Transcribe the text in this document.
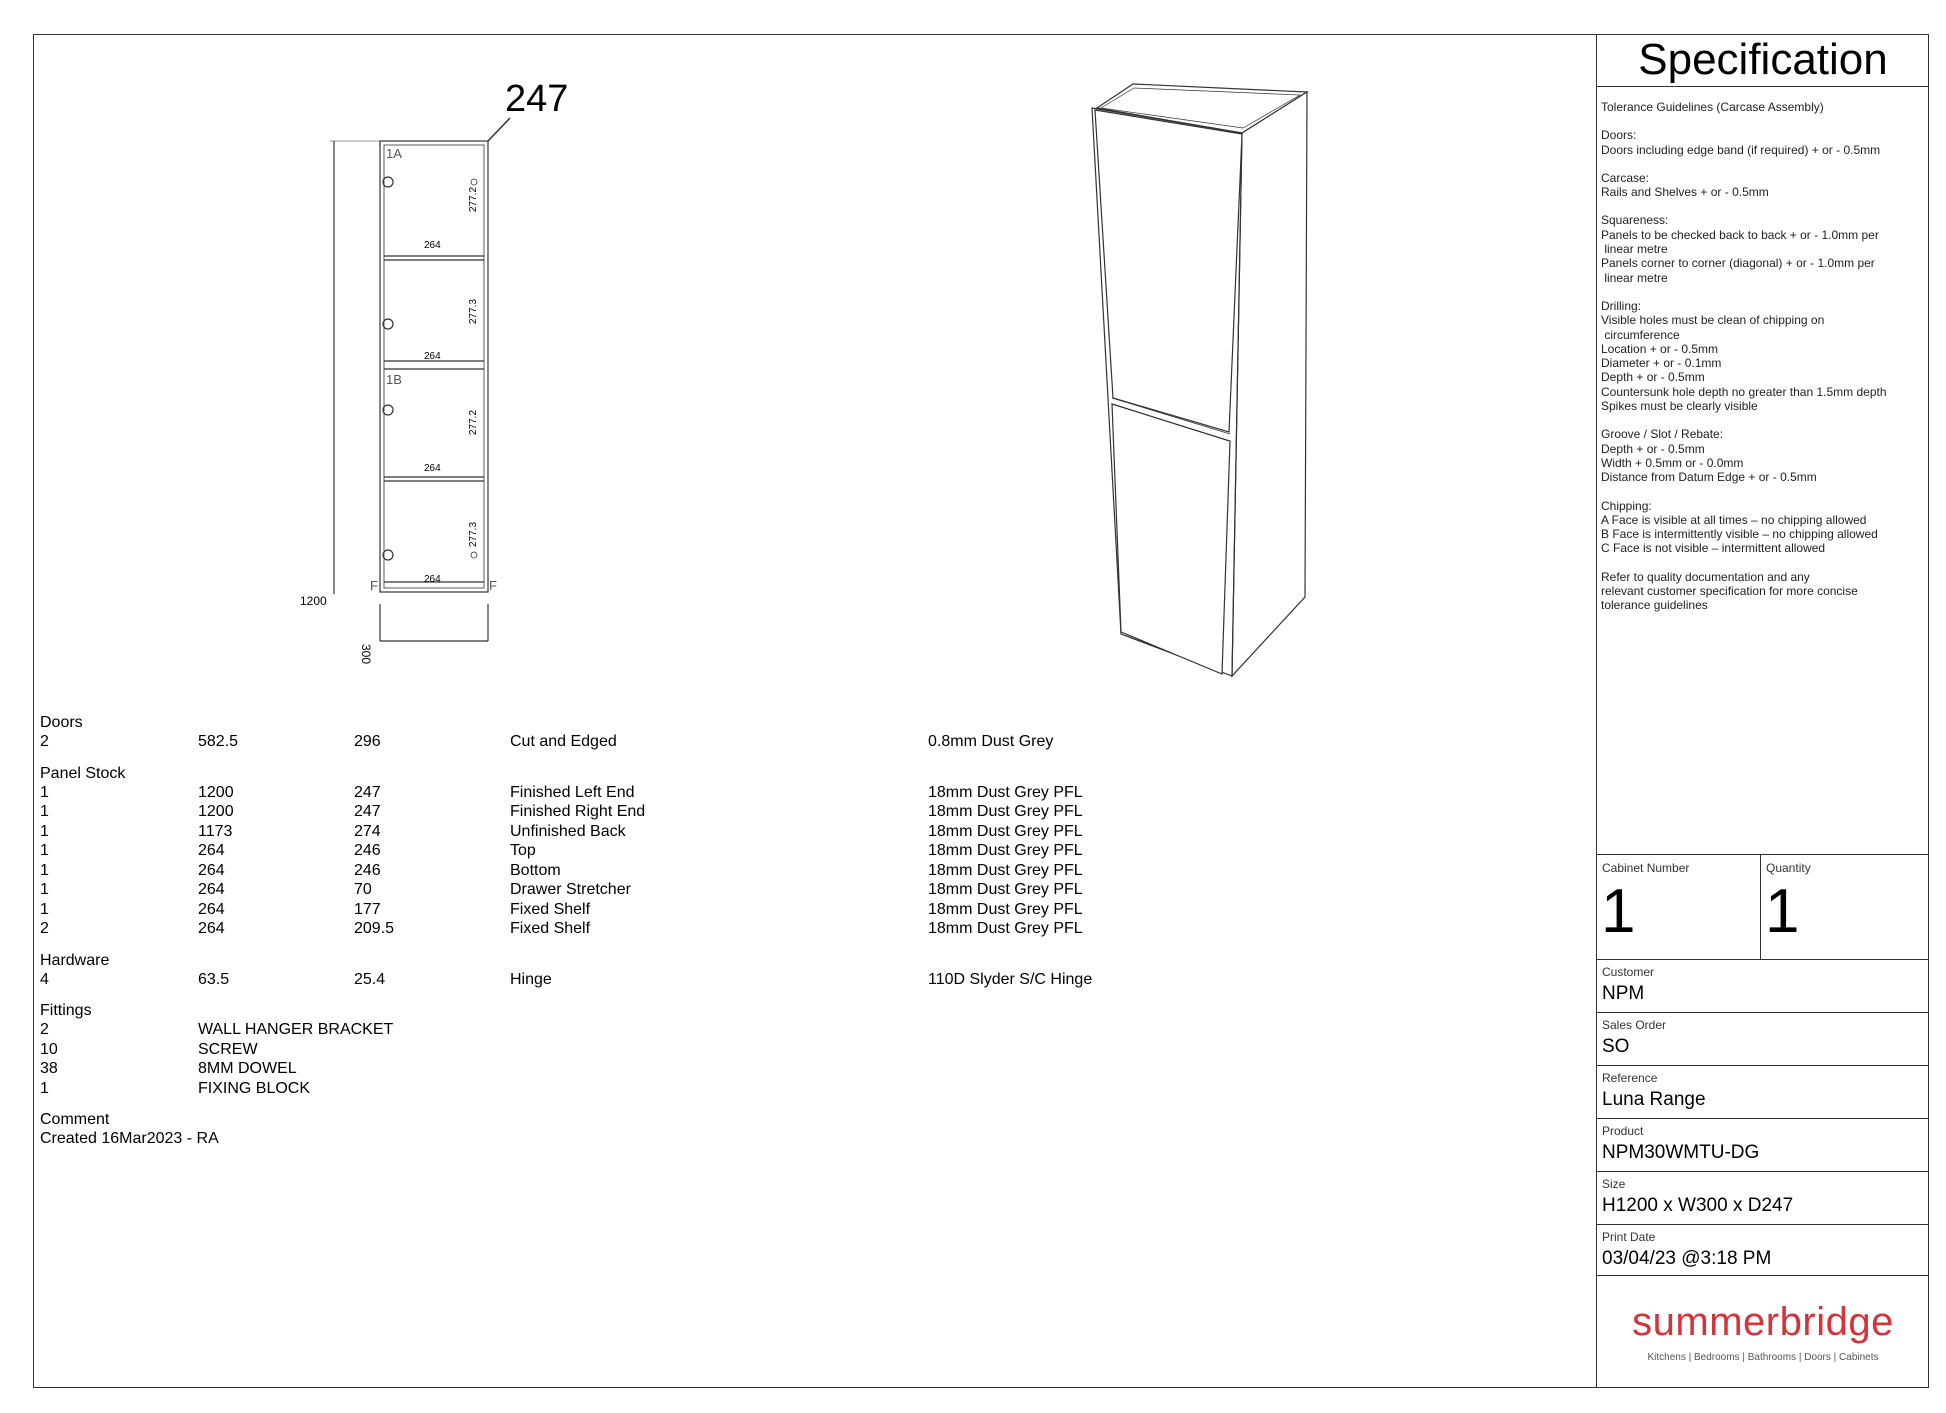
247
1A
1B
264
264
264
264
277.2
277.3
277.2
277.3
F	F
1200
300
Doors
2	582.5	296	Cut and Edged	0.8mm Dust Grey
Panel Stock
1	1200	247	Finished Left End	18mm Dust Grey PFL
1	1200	247	Finished Right End	18mm Dust Grey PFL
1	1173	274	Unfinished Back	18mm Dust Grey PFL
1	264	246	Top	18mm Dust Grey PFL
1	264	246	Bottom	18mm Dust Grey PFL
1	264	70	Drawer Stretcher	18mm Dust Grey PFL
1	264	177	Fixed Shelf	18mm Dust Grey PFL
2	264	209.5	Fixed Shelf	18mm Dust Grey PFL
Hardware
4	63.5	25.4	Hinge	110D Slyder S/C Hinge
Fittings
2	WALL HANGER BRACKET
10	SCREW
38	8MM DOWEL
1	FIXING BLOCK
Comment
Created 16Mar2023 - RA
Specification
Tolerance Guidelines (Carcase Assembly)
Doors:
Doors including edge band (if required) + or - 0.5mm
Carcase:
Rails and Shelves + or - 0.5mm
Squareness:
Panels to be checked back to back + or - 1.0mm per
linear metre
Panels corner to corner (diagonal) + or - 1.0mm per
linear metre
Drilling:
Visible holes must be clean of chipping on
circumference
Location + or - 0.5mm
Diameter + or - 0.1mm
Depth + or - 0.5mm
Countersunk hole depth no greater than 1.5mm depth
Spikes must be clearly visible
Groove / Slot / Rebate:
Depth + or - 0.5mm
Width + 0.5mm or - 0.0mm
Distance from Datum Edge + or - 0.5mm
Chipping:
A Face is visible at all times – no chipping allowed
B Face is intermittently visible – no chipping allowed
C Face is not visible – intermittent allowed
Refer to quality documentation and any
relevant customer specification for more concise
tolerance guidelines
Cabinet Number
1
Quantity
1
Customer
NPM
Sales Order
SO
Reference
Luna Range
Product
NPM30WMTU-DG
Size
H1200 x W300 x D247
Print Date
03/04/23 @3:18 PM
summerbridge
Kitchens | Bedrooms | Bathrooms | Doors | Cabinets
